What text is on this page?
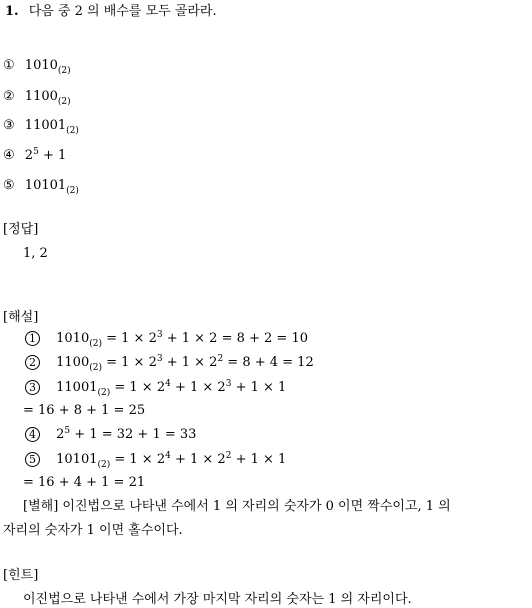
1. 다음 중 2 의 배수를 모두 골라라.
① $1010_{(2)}$
② $1100_{(2)}$
③ $11001_{(2)}$
④ $2^5 + 1$
⑤ $10101_{(2)}$
[정답]
1, 2
[해설]
1 $1010_{(2)} = 1 \times 2^3 + 1 \times 2 = 8 + 2 = 10$
2 $1100_{(2)} = 1 \times 2^3 + 1 \times 2^2 = 8 + 4 = 12$
3 $11001_{(2)} = 1 \times 2^4 + 1 \times 2^3 + 1 \times 1$
= 16 + 8 + 1 = 25
4 $2^5 + 1 = 32 + 1 = 33$
5 $10101_{(2)} = 1 \times 2^4 + 1 \times 2^2 + 1 \times 1$
= 16 + 4 + 1 = 21
[별해] 이진법으로 나타낸 수에서 1 의 자리의 숫자가 0 이면 짝수이고, 1 의
자리의 숫자가 1 이면 홀수이다.
[힌트]
이진법으로 나타낸 수에서 가장 마지막 자리의 숫자는 1 의 자리이다.
